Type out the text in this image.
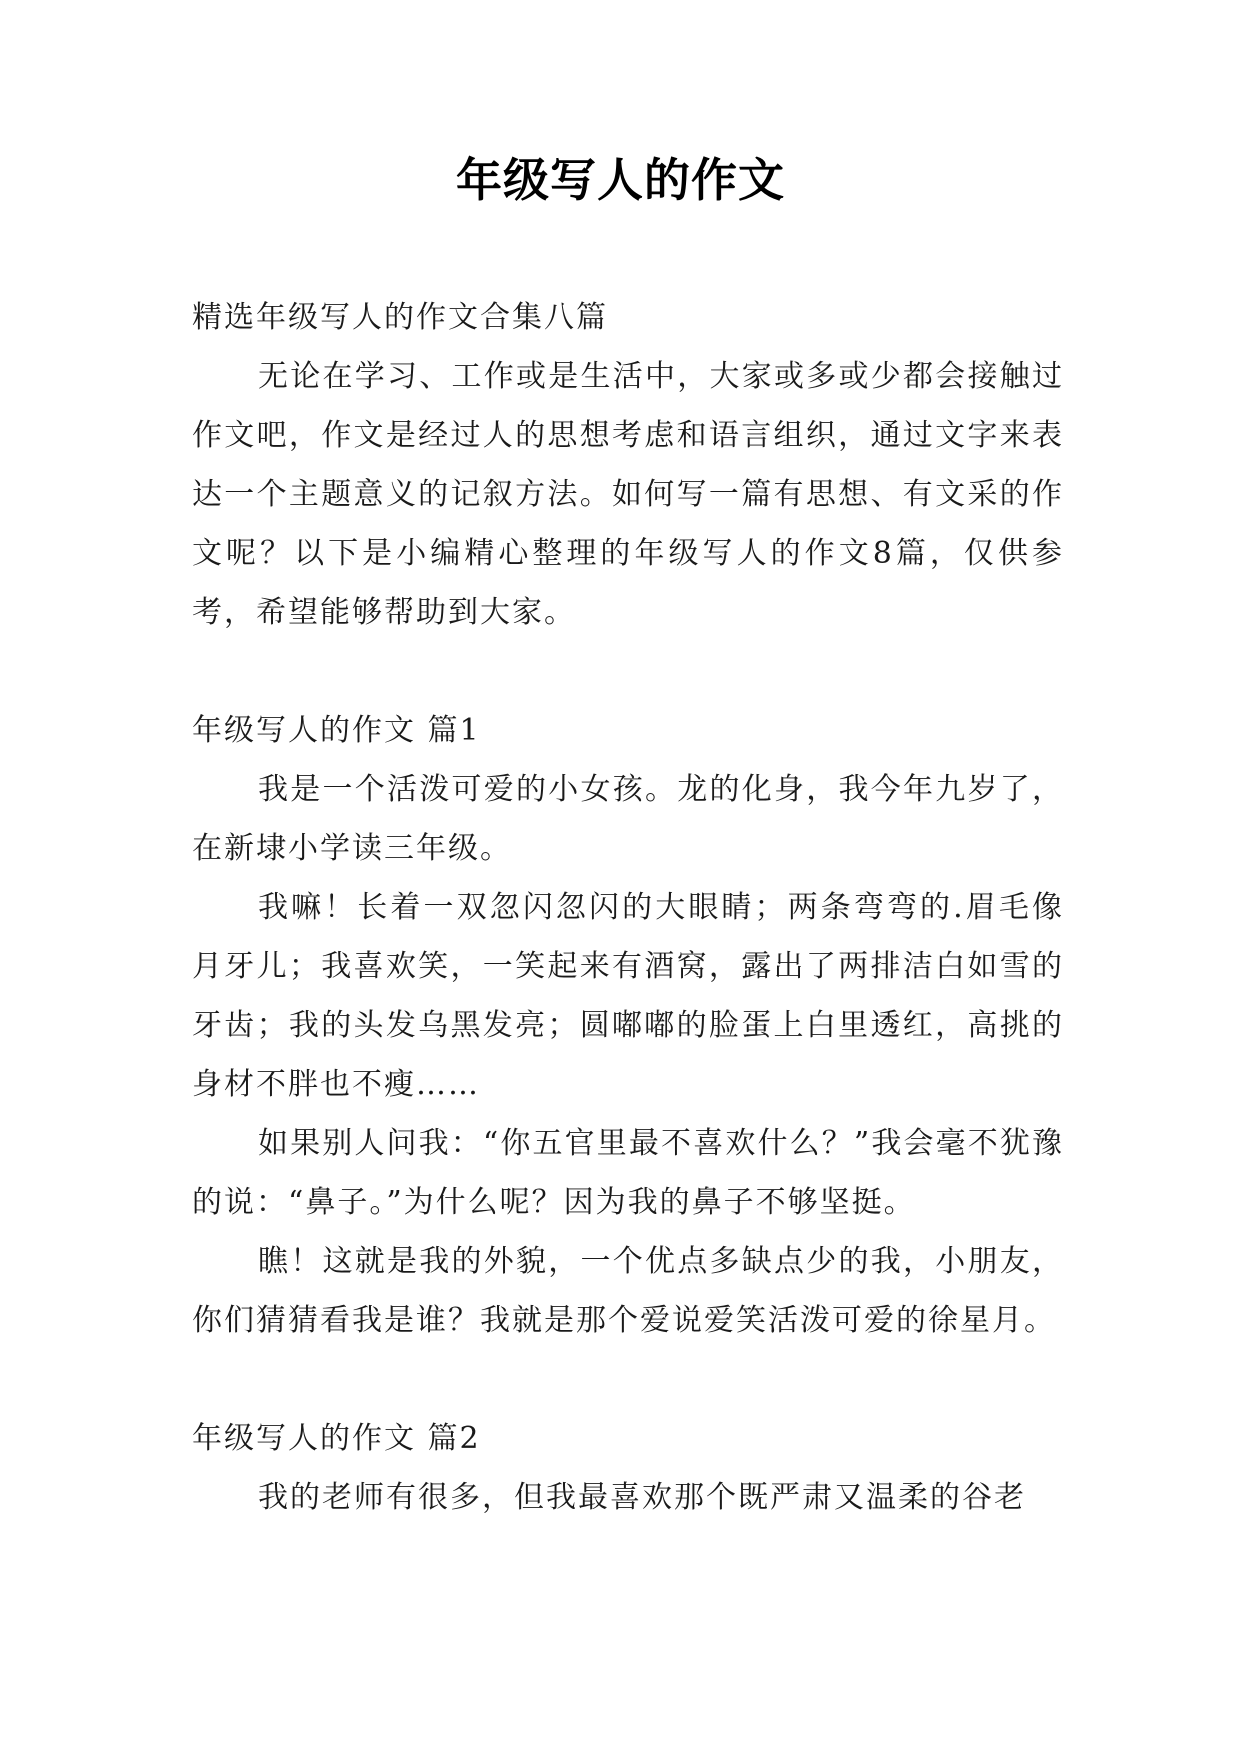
年级写人的作文

精选年级写人的作文合集八篇

无论在学习、工作或是生活中，大家或多或少都会接触过作文吧，作文是经过人的思想考虑和语言组织，通过文字来表达一个主题意义的记叙方法。如何写一篇有思想、有文采的作文呢？以下是小编精心整理的年级写人的作文8篇，仅供参考，希望能够帮助到大家。

年级写人的作文 篇1

我是一个活泼可爱的小女孩。龙的化身，我今年九岁了，在新埭小学读三年级。

我嘛！长着一双忽闪忽闪的大眼睛；两条弯弯的.眉毛像月牙儿；我喜欢笑，一笑起来有酒窝，露出了两排洁白如雪的牙齿；我的头发乌黑发亮；圆嘟嘟的脸蛋上白里透红，高挑的身材不胖也不瘦……

如果别人问我：“你五官里最不喜欢什么？”我会毫不犹豫的说：“鼻子。”为什么呢？因为我的鼻子不够坚挺。

瞧！这就是我的外貌，一个优点多缺点少的我，小朋友，你们猜猜看我是谁？我就是那个爱说爱笑活泼可爱的徐星月。

年级写人的作文 篇2

我的老师有很多，但我最喜欢那个既严肃又温柔的谷老
